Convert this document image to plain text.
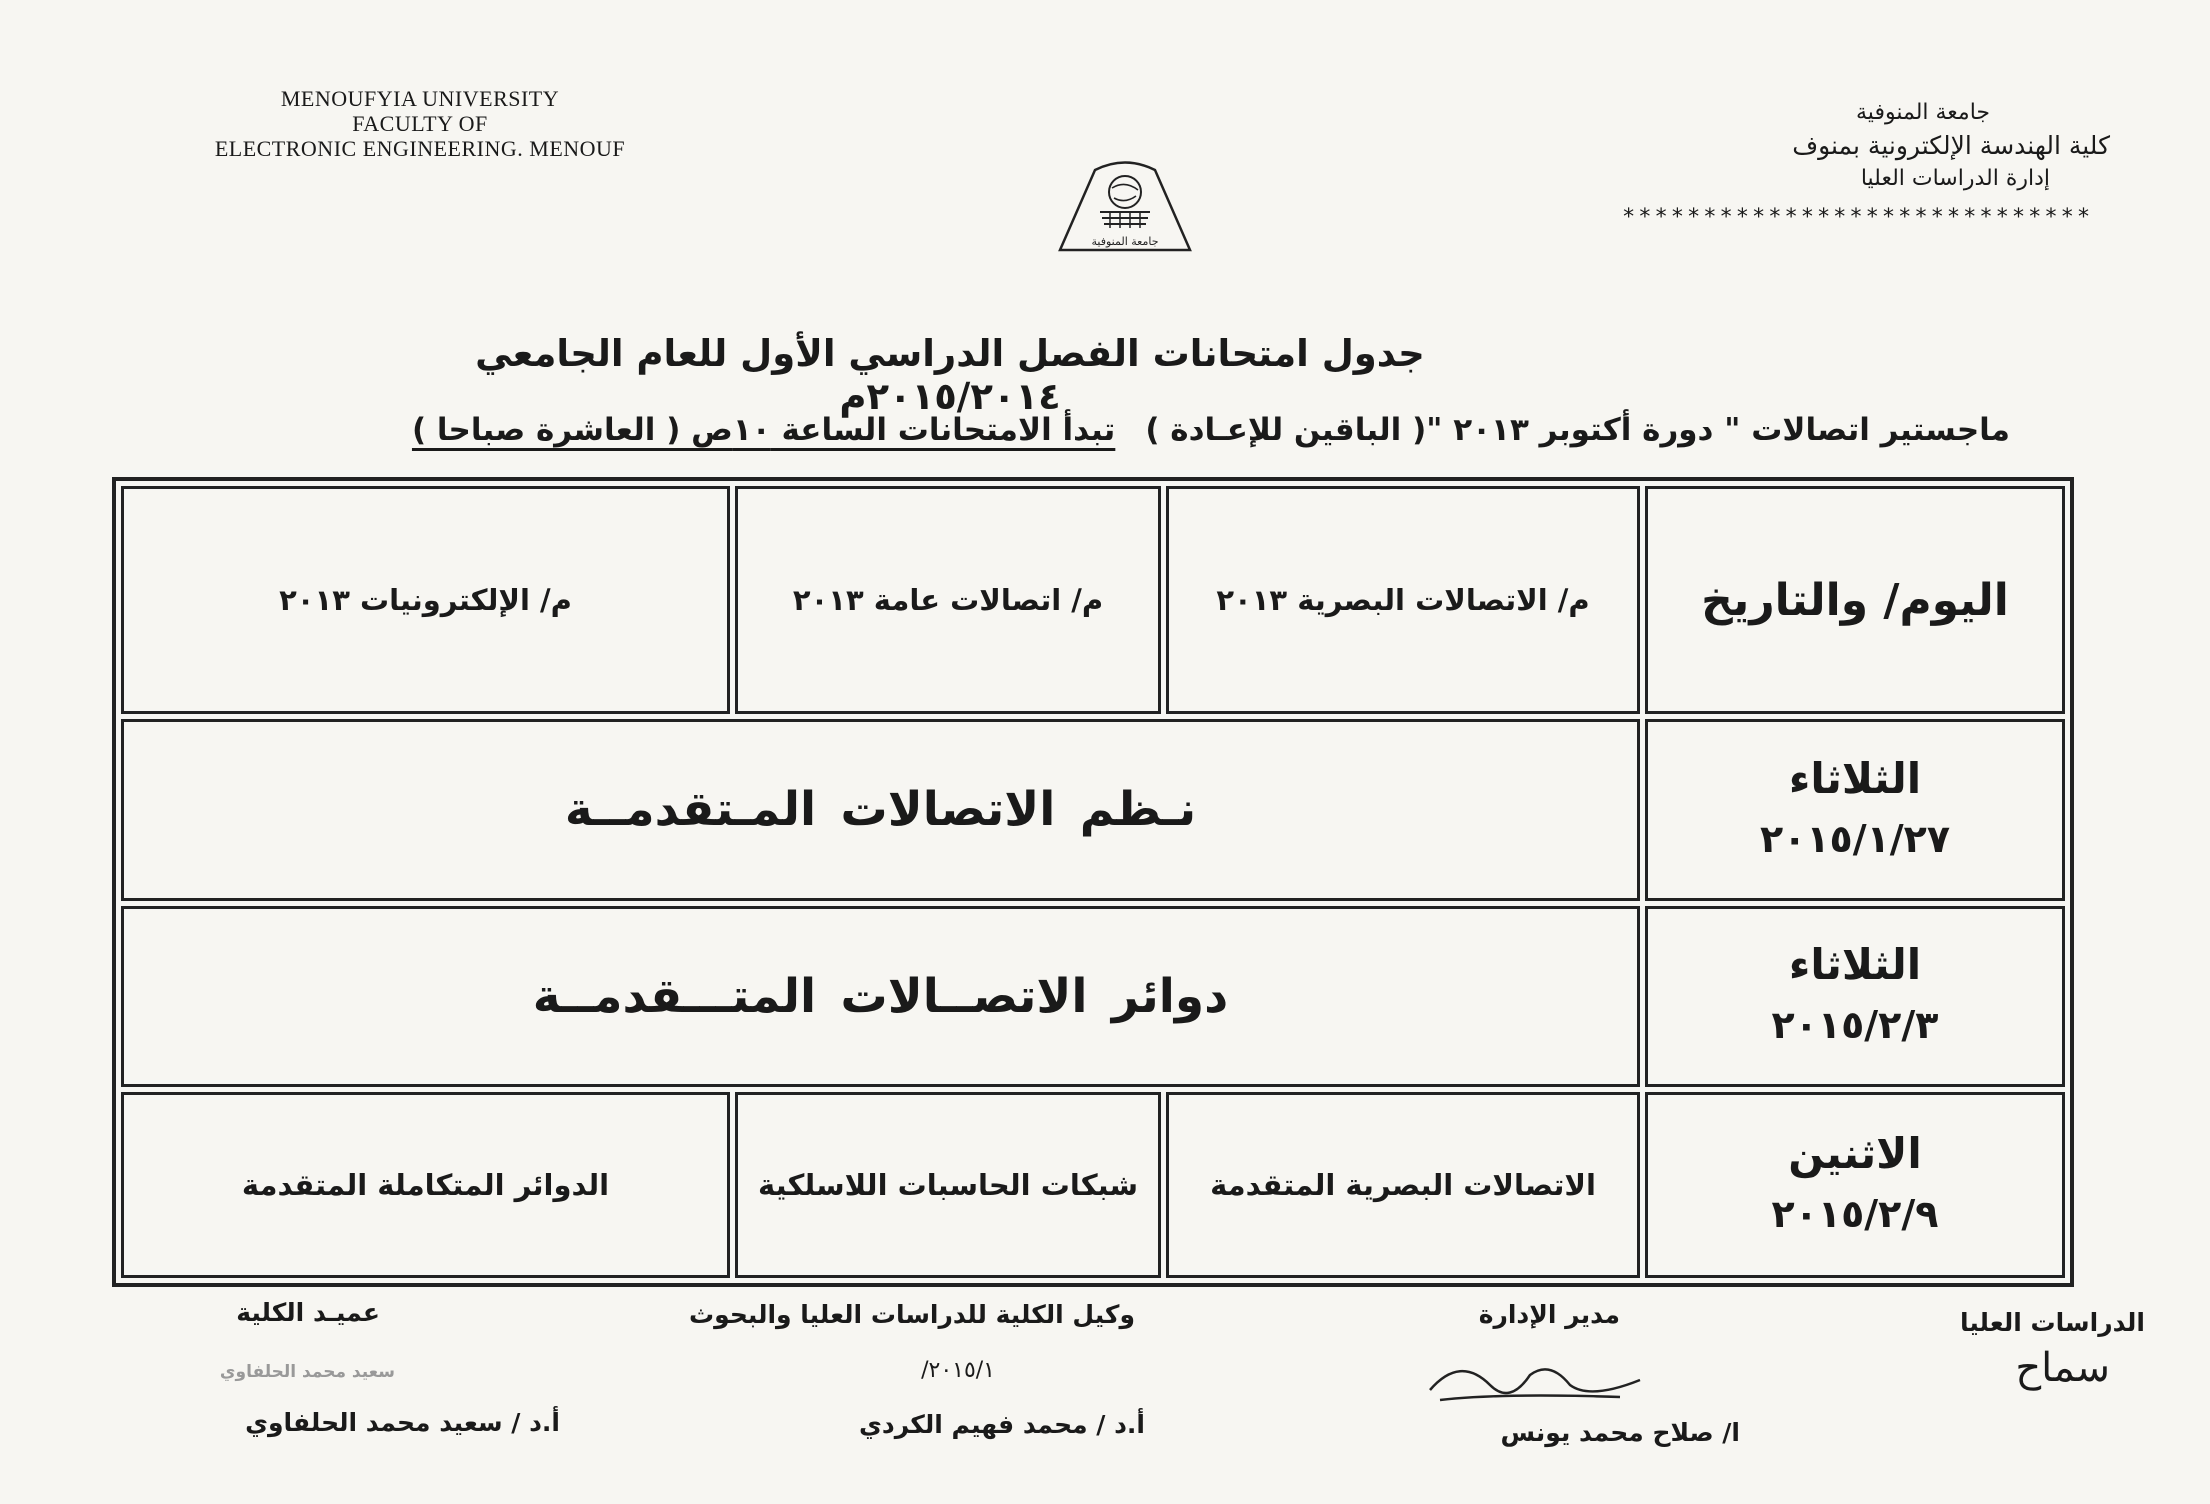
MENOUFYIA UNIVERSITY
FACULTY OF
ELECTRONIC ENGINEERING. MENOUF
جامعة المنوفية
جامعة المنوفية
كلية الهندسة الإلكترونية بمنوف
إدارة الدراسات العليا
*****************************
جدول امتحانات الفصل الدراسي الأول للعام الجامعي ٢٠١٥/٢٠١٤م
ماجستير اتصالات " دورة أكتوبر ٢٠١٣ "( الباقين للإعـادة )تبدأ الامتحانات الساعة ١٠ص ( العاشرة صباحا )
اليوم/ والتاريخ	م/ الاتصالات البصرية ٢٠١٣	م/ اتصالات عامة ٢٠١٣	م/ الإلكترونيات ٢٠١٣

الثلاثاء
٢٠١٥/١/٢٧	نـظم الاتصالات المـتقدمــة		

الثلاثاء
٢٠١٥/٢/٣	دوائر الاتصــالات المتـــقدمــة		

الاثنين
٢٠١٥/٢/٩	الاتصالات البصرية المتقدمة	شبكات الحاسبات اللاسلكية	الدوائر المتكاملة المتقدمة
الدراسات العليا
سماح
مدير الإدارة
ا/ صلاح محمد يونس
وكيل الكلية للدراسات العليا والبحوث
٢٠١٥/١/
أ.د / محمد فهيم الكردي
عميـد الكلية
سعيد محمد الحلفاوي
أ.د / سعيد محمد الحلفاوي
